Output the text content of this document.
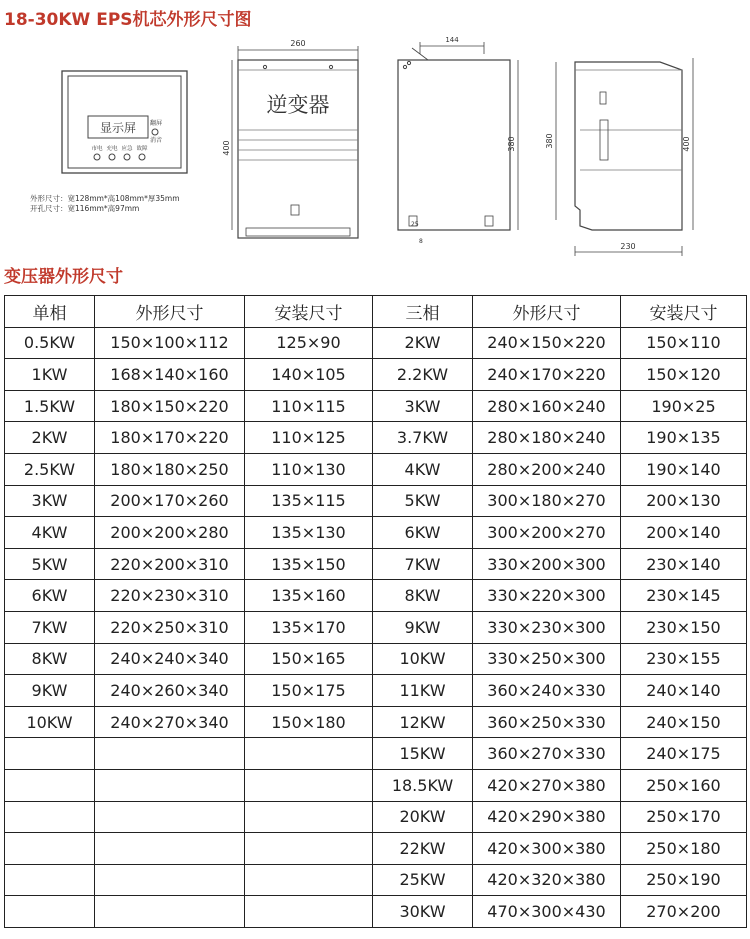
18-30KW EPS机芯外形尺寸图
显示屏 翻屏
消音
市电 充电 应急 故障
外形尺寸：宽128mm*高108mm*厚35mm
开孔尺寸：宽116mm*高97mm
260
400
逆变器
144
380
25
8
380	400
230
变压器外形尺寸
单相	外形尺寸	安装尺寸	三相	外形尺寸	安装尺寸
0.5KW	150×100×112	125×90	2KW	240×150×220	150×110
1KW	168×140×160	140×105	2.2KW	240×170×220	150×120
1.5KW	180×150×220	110×115	3KW	280×160×240	190×25
2KW	180×170×220	110×125	3.7KW	280×180×240	190×135
2.5KW	180×180×250	110×130	4KW	280×200×240	190×140
3KW	200×170×260	135×115	5KW	300×180×270	200×130
4KW	200×200×280	135×130	6KW	300×200×270	200×140
5KW	220×200×310	135×150	7KW	330×200×300	230×140
6KW	220×230×310	135×160	8KW	330×220×300	230×145
7KW	220×250×310	135×170	9KW	330×230×300	230×150
8KW	240×240×340	150×165	10KW	330×250×300	230×155
9KW	240×260×340	150×175	11KW	360×240×330	240×140
10KW	240×270×340	150×180	12KW	360×250×330	240×150
			15KW	360×270×330	240×175
			18.5KW	420×270×380	250×160
			20KW	420×290×380	250×170
			22KW	420×300×380	250×180
			25KW	420×320×380	250×190
			30KW	470×300×430	270×200
